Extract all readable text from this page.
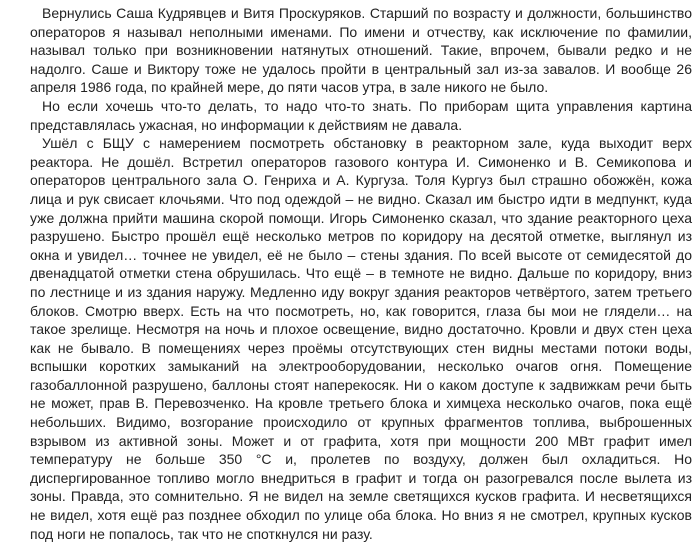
Вернулись Саша Кудрявцев и Витя Проскуряков. Старший по возрасту и должности, большинство операторов я называл неполными именами. По имени и отчеству, как исключение по фамилии, называл только при возникновении натянутых отношений. Такие, впрочем, бывали редко и не надолго. Саше и Виктору тоже не удалось пройти в центральный зал из-за завалов. И вообще 26 апреля 1986 года, по крайней мере, до пяти часов утра, в зале никого не было.

Но если хочешь что-то делать, то надо что-то знать. По приборам щита управления картина представлялась ужасная, но информации к действиям не давала.

Ушёл с БЩУ с намерением посмотреть обстановку в реакторном зале, куда выходит верх реактора. Не дошёл. Встретил операторов газового контура И. Симоненко и В. Семикопова и операторов центрального зала О. Генриха и А. Кургуза. Толя Кургуз был страшно обожжён, кожа лица и рук свисает клочьями. Что под одеждой – не видно. Сказал им быстро идти в медпункт, куда уже должна прийти машина скорой помощи. Игорь Симоненко сказал, что здание реакторного цеха разрушено. Быстро прошёл ещё несколько метров по коридору на десятой отметке, выглянул из окна и увидел… точнее не увидел, её не было – стены здания. По всей высоте от семидесятой до двенадцатой отметки стена обрушилась. Что ещё – в темноте не видно. Дальше по коридору, вниз по лестнице и из здания наружу. Медленно иду вокруг здания реакторов четвёртого, затем третьего блоков. Смотрю вверх. Есть на что посмотреть, но, как говорится, глаза бы мои не глядели… на такое зрелище. Несмотря на ночь и плохое освещение, видно достаточно. Кровли и двух стен цеха как не бывало. В помещениях через проёмы отсутствующих стен видны местами потоки воды, вспышки коротких замыканий на электрооборудовании, несколько очагов огня. Помещение газобаллонной разрушено, баллоны стоят наперекосяк. Ни о каком доступе к задвижкам речи быть не может, прав В. Перевозченко. На кровле третьего блока и химцеха несколько очагов, пока ещё небольших. Видимо, возгорание происходило от крупных фрагментов топлива, выброшенных взрывом из активной зоны. Может и от графита, хотя при мощности 200 МВт графит имел температуру не больше 350 °С и, пролетев по воздуху, должен был охладиться. Но диспергированное топливо могло внедриться в графит и тогда он разогревался после вылета из зоны. Правда, это сомнительно. Я не видел на земле светящихся кусков графита. И несветящихся не видел, хотя ещё раз позднее обходил по улице оба блока. Но вниз я не смотрел, крупных кусков под ноги не попалось, так что не споткнулся ни разу.
